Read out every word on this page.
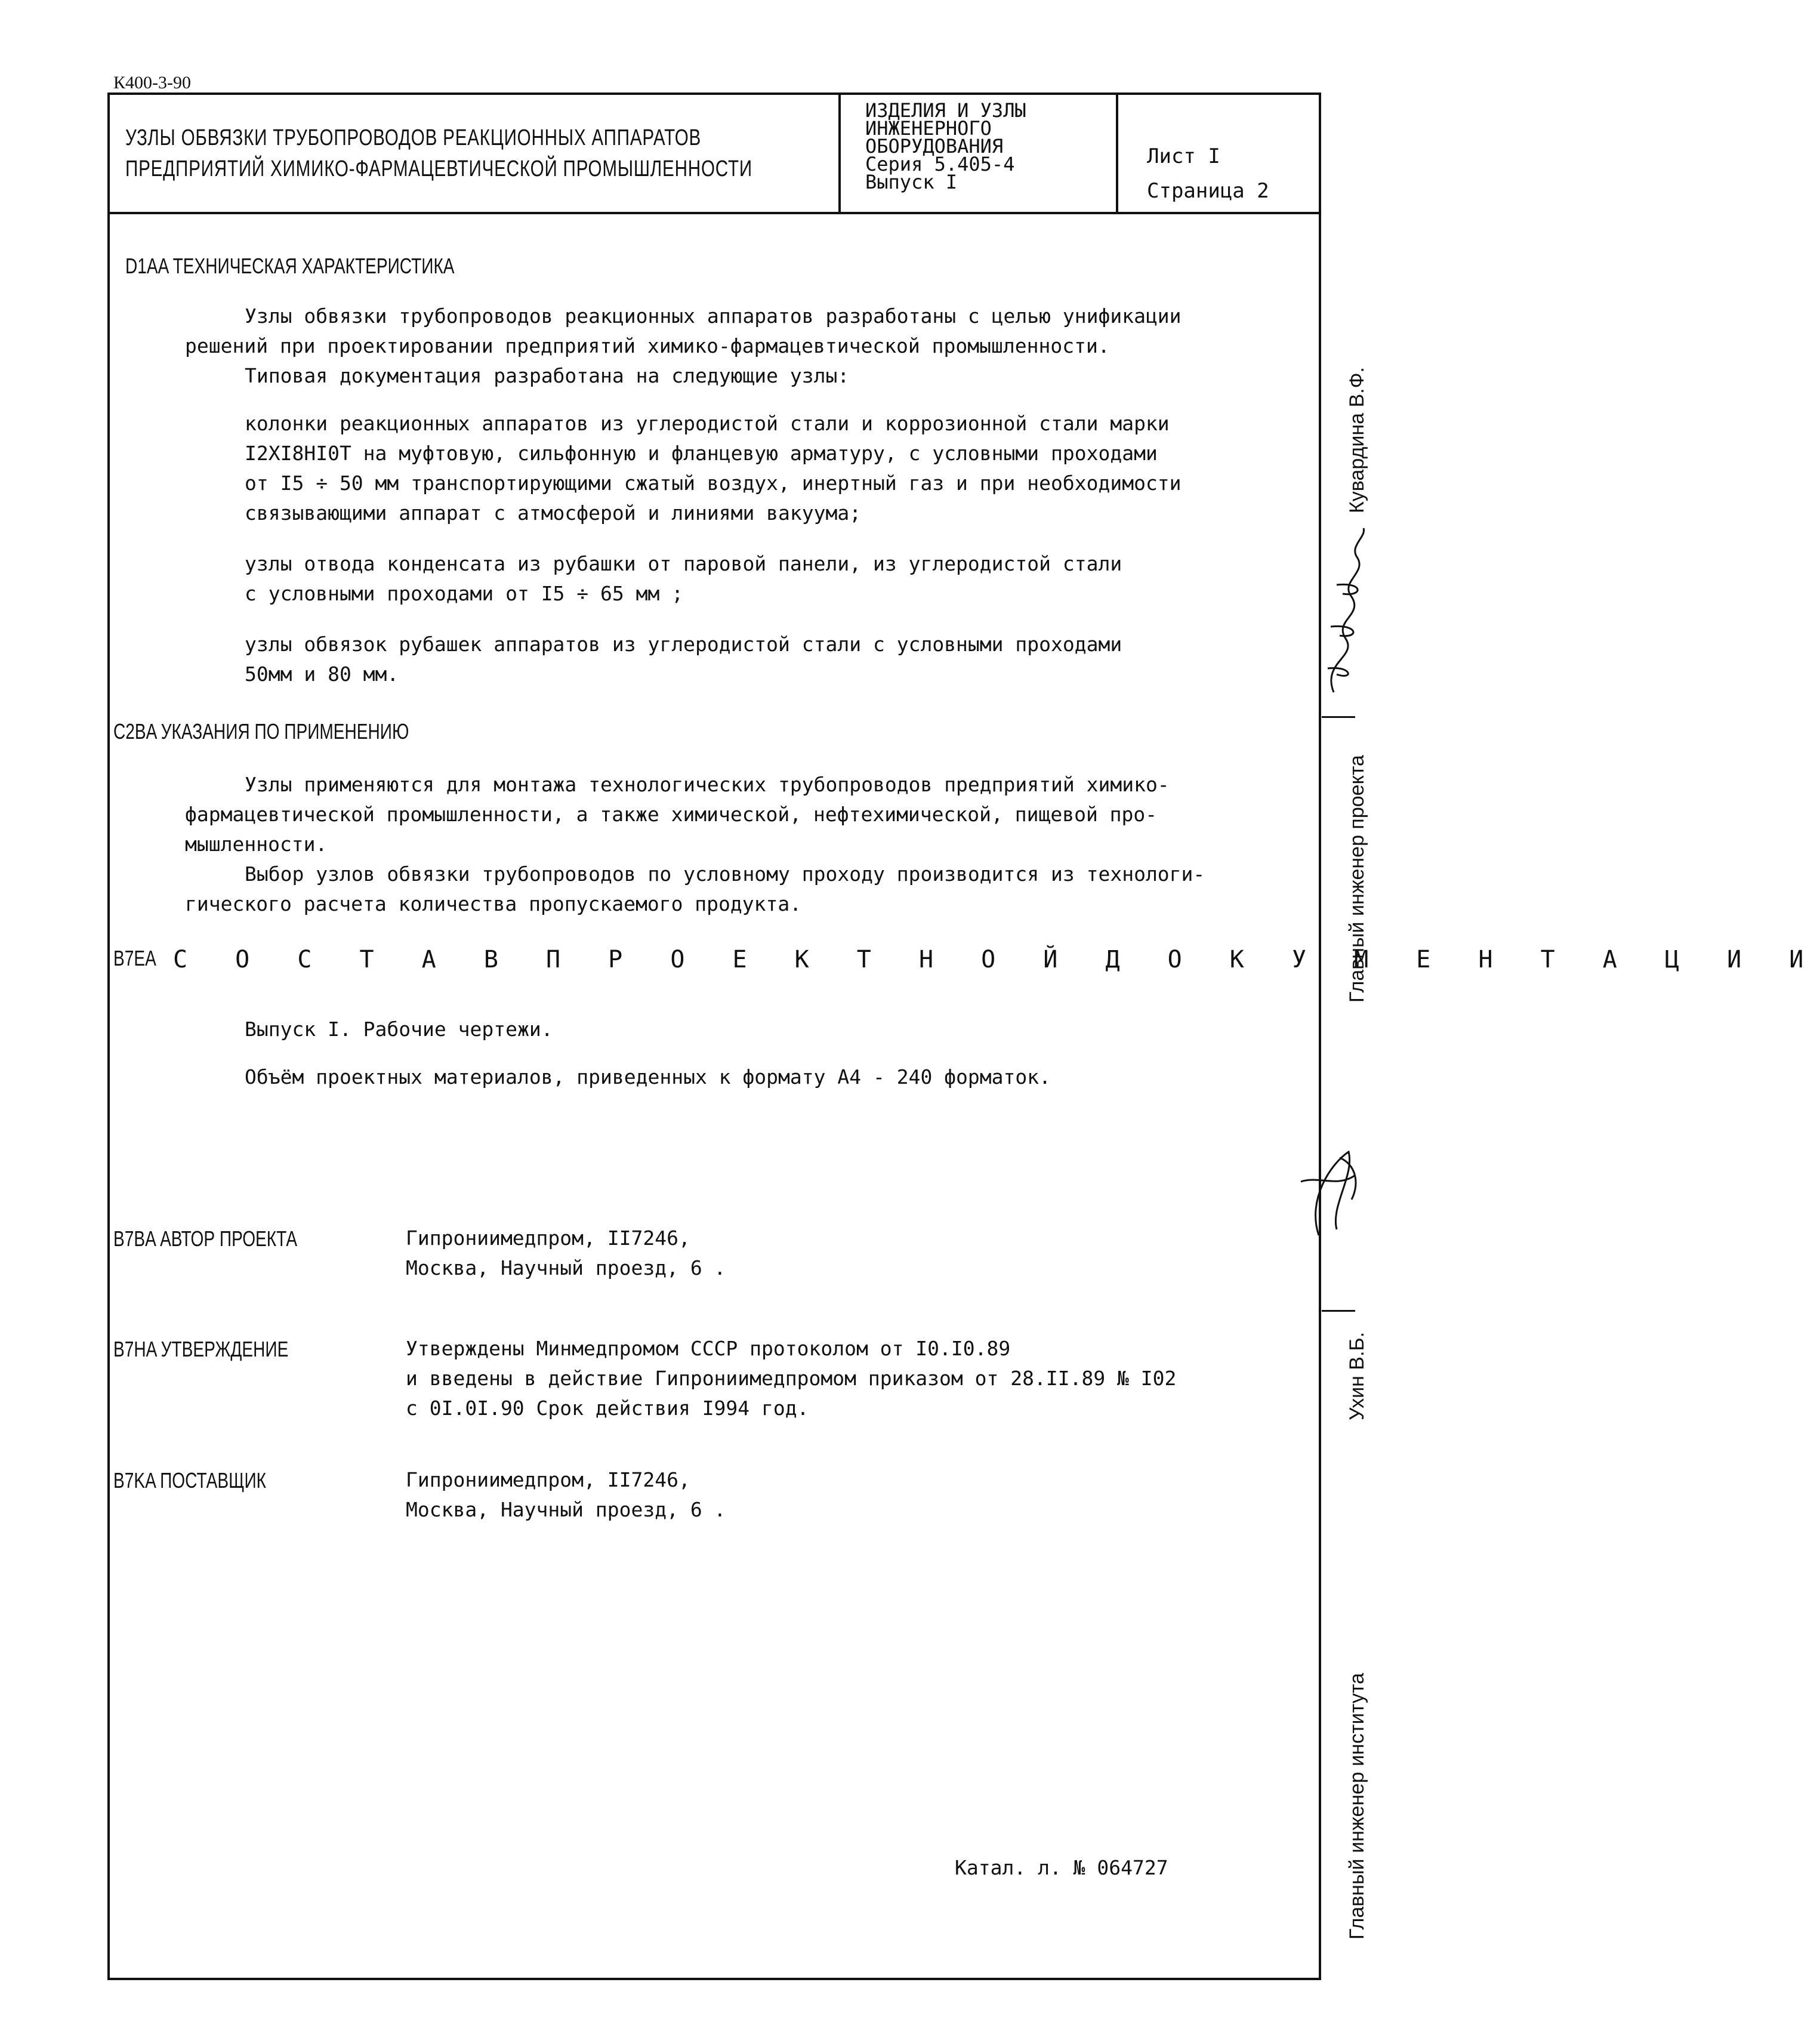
К400-3-90
УЗЛЫ ОБВЯЗКИ ТРУБОПРОВОДОВ РЕАКЦИОННЫХ АППАРАТОВ
ПРЕДПРИЯТИЙ ХИМИКО-ФАРМАЦЕВТИЧЕСКОЙ ПРОМЫШЛЕННОСТИ
ИЗДЕЛИЯ И УЗЛЫ
ИНЖЕНЕРНОГО
ОБОРУДОВАНИЯ
Серия 5.405-4
Выпуск I
Лист I
Страница 2
D1AA ТЕХНИЧЕСКАЯ ХАРАКТЕРИСТИКА
Узлы обвязки трубопроводов реакционных аппаратов разработаны с целью унификации
решений при проектировании предприятий химико-фармацевтической промышленности.
Типовая документация разработана на следующие узлы:
колонки реакционных аппаратов из углеродистой стали и коррозионной стали марки
I2XI8HI0T на муфтовую, сильфонную и фланцевую арматуру, с условными проходами
от I5 ÷ 50 мм транспортирующими сжатый воздух, инертный газ и при необходимости
связывающими аппарат с атмосферой и линиями вакуума;
узлы отвода конденсата из рубашки от паровой панели, из углеродистой стали
с условными проходами от I5 ÷ 65 мм ;
узлы обвязок рубашек аппаратов из углеродистой стали с условными проходами
50мм и 80 мм.
C2BA УКАЗАНИЯ ПО ПРИМЕНЕНИЮ
Узлы применяются для монтажа технологических трубопроводов предприятий химико-
фармацевтической промышленности, а также химической, нефтехимической, пищевой про-
мышленности.
Выбор узлов обвязки трубопроводов по условному проходу производится из технологи-
гического расчета количества пропускаемого продукта.
B7EA С О С Т А В П Р О Е К Т Н О Й Д О К У М Е Н Т А Ц И И
Выпуск I. Рабочие чертежи.
Объём проектных материалов, приведенных к формату А4 - 240 форматок.
B7BA АВТОР ПРОЕКТА	Гипрониимедпром, II7246,
Москва, Научный проезд, 6 .
B7HA УТВЕРЖДЕНИЕ	Утверждены Минмедпромом СССР протоколом от I0.I0.89
и введены в действие Гипрониимедпромом приказом от 28.II.89 № I02
с 0I.0I.90 Срок действия I994 год.
B7KA ПОСТАВЩИК	Гипрониимедпром, II7246,
Москва, Научный проезд, 6 .
Катал. л. № 064727
Главный инженер проекта
Кувардина В.Ф.
Ухин В.Б.
Главный инженер института
